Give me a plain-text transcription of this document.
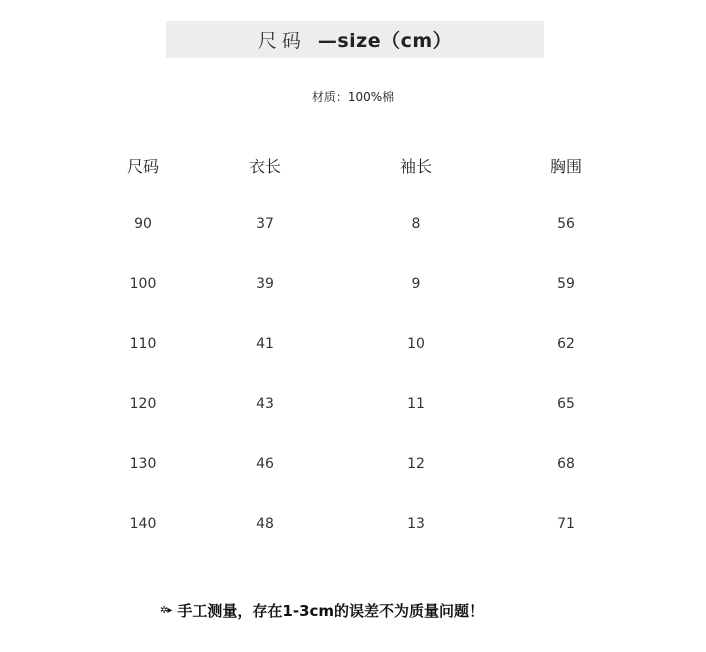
尺码 —size（cm）
材质：100%棉
尺码	衣长	袖长	胸围
90	37	8	56
100	39	9	59
110	41	10	62
120	43	11	65
130	46	12	68
140	48	13	71
✲▸ 手工测量，存在1-3cm的误差不为质量问题！
